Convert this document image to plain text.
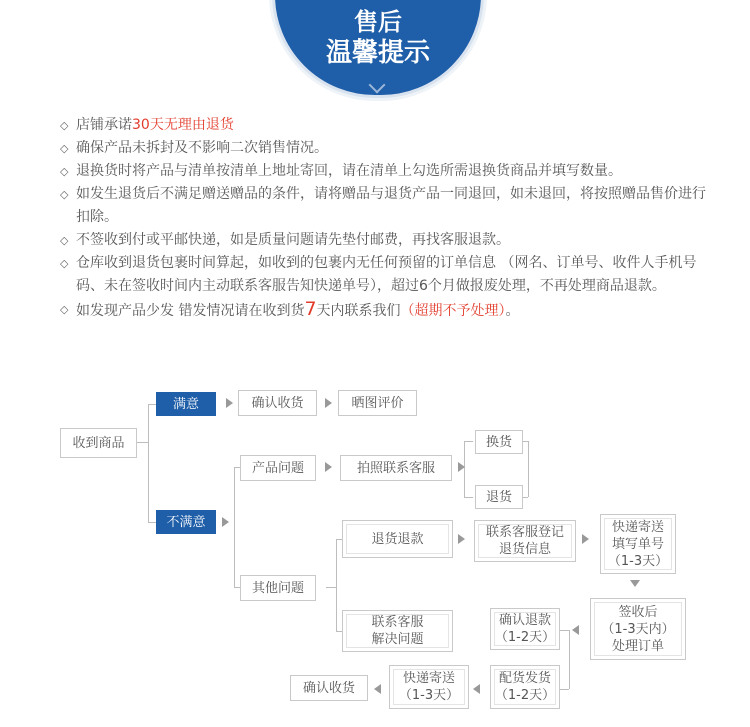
售后
温馨提示
◇ 店铺承诺30天无理由退货
◇ 确保产品未拆封及不影响二次销售情况。
◇ 退换货时将产品与清单按清单上地址寄回，请在清单上勾选所需退换货商品并填写数量。
◇ 如发生退货后不满足赠送赠品的条件，请将赠品与退货产品一同退回，如未退回，将按照赠品售价进行扣除。
◇ 不签收到付或平邮快递，如是质量问题请先垫付邮费，再找客服退款。
◇ 仓库收到退货包裹时间算起，如收到的包裹内无任何预留的订单信息 （网名、订单号、收件人手机号码、未在签收时间内主动联系客服告知快递单号），超过6个月做报废处理，不再处理商品退款。
◇ 如发现产品少发 错发情况请在收到货7天内联系我们（超期不予处理）。
收到商品
满意	确认收货	晒图评价
不满意
产品问题	拍照联系客服
换货
退货
其他问题
退货退款	联系客服登记
退货信息
快递寄送
填写单号
（1-3天）
联系客服
解决问题
确认退款
（1-2天）
签收后
（1-3天内）
处理订单
配货发货
（1-2天）
快递寄送
（1-3天）
确认收货
